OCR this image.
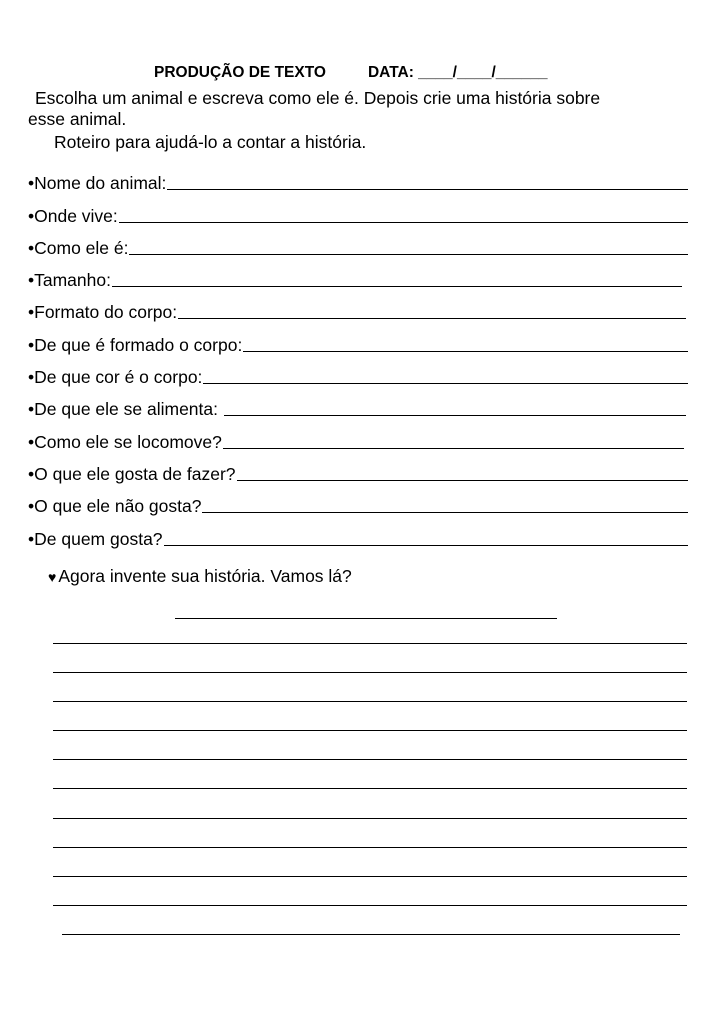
PRODUÇÃO DE TEXTO	DATA: ____/____/______
Escolha um animal e escreva como ele é. Depois crie uma história sobre
esse animal.
Roteiro para ajudá-lo a contar a história.
•Nome do animal:
•Onde vive:
•Como ele é:
•Tamanho:
•Formato do corpo:
•De que é formado o corpo:
•De que cor é o corpo:
•De que ele se alimenta:
•Como ele se locomove?
•O que ele gosta de fazer?
•O que ele não gosta?
•De quem gosta?
♥ Agora invente sua história. Vamos lá?
